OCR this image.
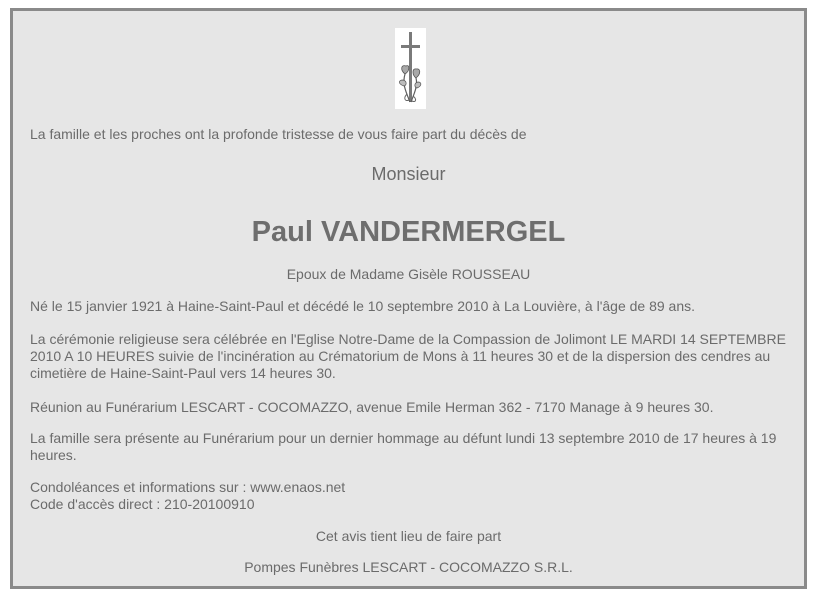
La famille et les proches ont la profonde tristesse de vous faire part du décès de

Monsieur

Paul VANDERMERGEL

Epoux de Madame Gisèle ROUSSEAU

Né le 15 janvier 1921 à Haine-Saint-Paul et décédé le 10 septembre 2010 à La Louvière, à l'âge de 89 ans.

La cérémonie religieuse sera célébrée en l'Eglise Notre-Dame de la Compassion de Jolimont LE MARDI 14 SEPTEMBRE 2010 A 10 HEURES suivie de l'incinération au Crématorium de Mons à 11 heures 30 et de la dispersion des cendres au cimetière de Haine-Saint-Paul vers 14 heures 30.

Réunion au Funérarium LESCART - COCOMAZZO, avenue Emile Herman 362 - 7170 Manage à 9 heures 30.

La famille sera présente au Funérarium pour un dernier hommage au défunt lundi 13 septembre 2010 de 17 heures à 19 heures.

Condoléances et informations sur : www.enaos.net
Code d'accès direct : 210-20100910

Cet avis tient lieu de faire part

Pompes Funèbres LESCART - COCOMAZZO S.R.L.
